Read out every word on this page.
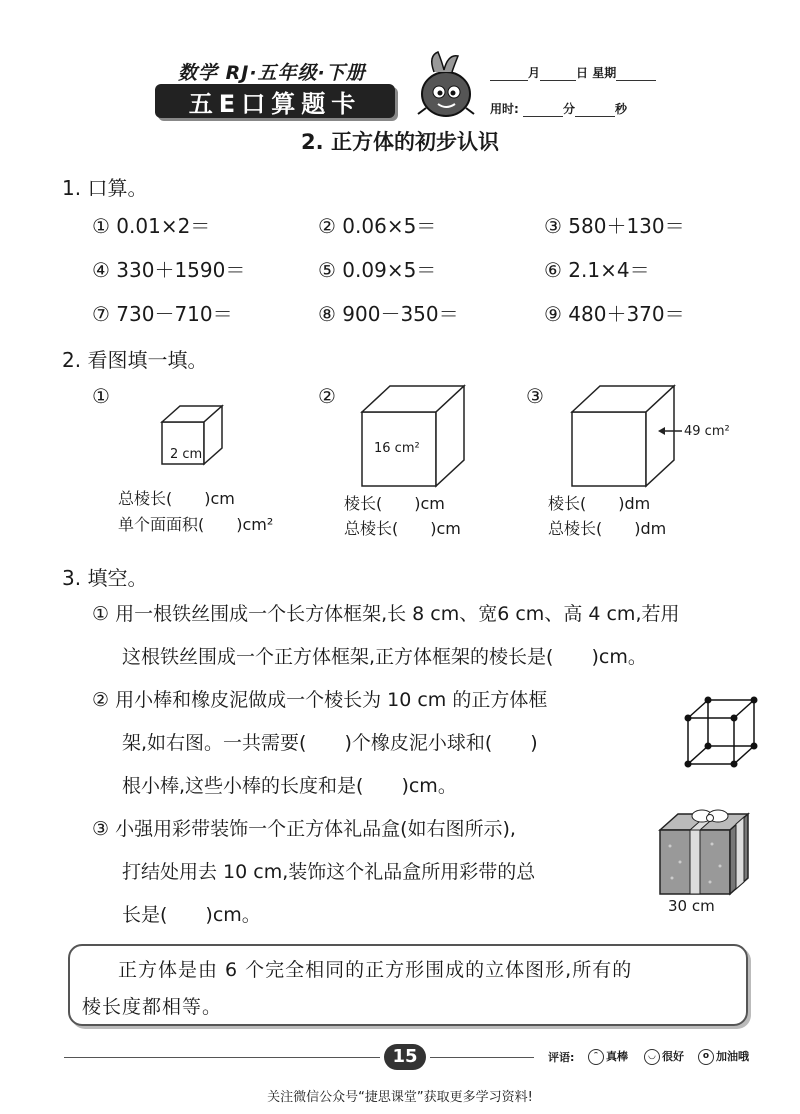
数学 RJ·五年级·下册
五E口算题卡
月	日 星期
用时:	分	秒
2. 正方体的初步认识
1. 口算。
① 0.01×2＝	② 0.06×5＝	③ 580＋130＝
④ 330＋1590＝	⑤ 0.09×5＝	⑥ 2.1×4＝
⑦ 730－710＝	⑧ 900－350＝	⑨ 480＋370＝
2. 看图填一填。
①
2 cm
总棱长(　　)cm
单个面面积(　　)cm²
②
16 cm²
棱长(　　)cm
总棱长(　　)cm
③
49 cm²
棱长(　　)dm
总棱长(　　)dm
3. 填空。
① 用一根铁丝围成一个长方体框架,长 8 cm、宽6 cm、高 4 cm,若用
这根铁丝围成一个正方体框架,正方体框架的棱长是(　　)cm。
② 用小棒和橡皮泥做成一个棱长为 10 cm 的正方体框
架,如右图。一共需要(　　)个橡皮泥小球和(　　)
根小棒,这些小棒的长度和是(　　)cm。
③ 小强用彩带装饰一个正方体礼品盒(如右图所示),
打结处用去 10 cm,装饰这个礼品盒所用彩带的总
长是(　　)cm。	30 cm
正方体是由 6 个完全相同的正方形围成的立体图形,所有的
棱长度都相等。
15	评语:	ᵔ 真棒	◡ 很好	o 加油哦
关注微信公众号“捷思课堂”获取更多学习资料!
